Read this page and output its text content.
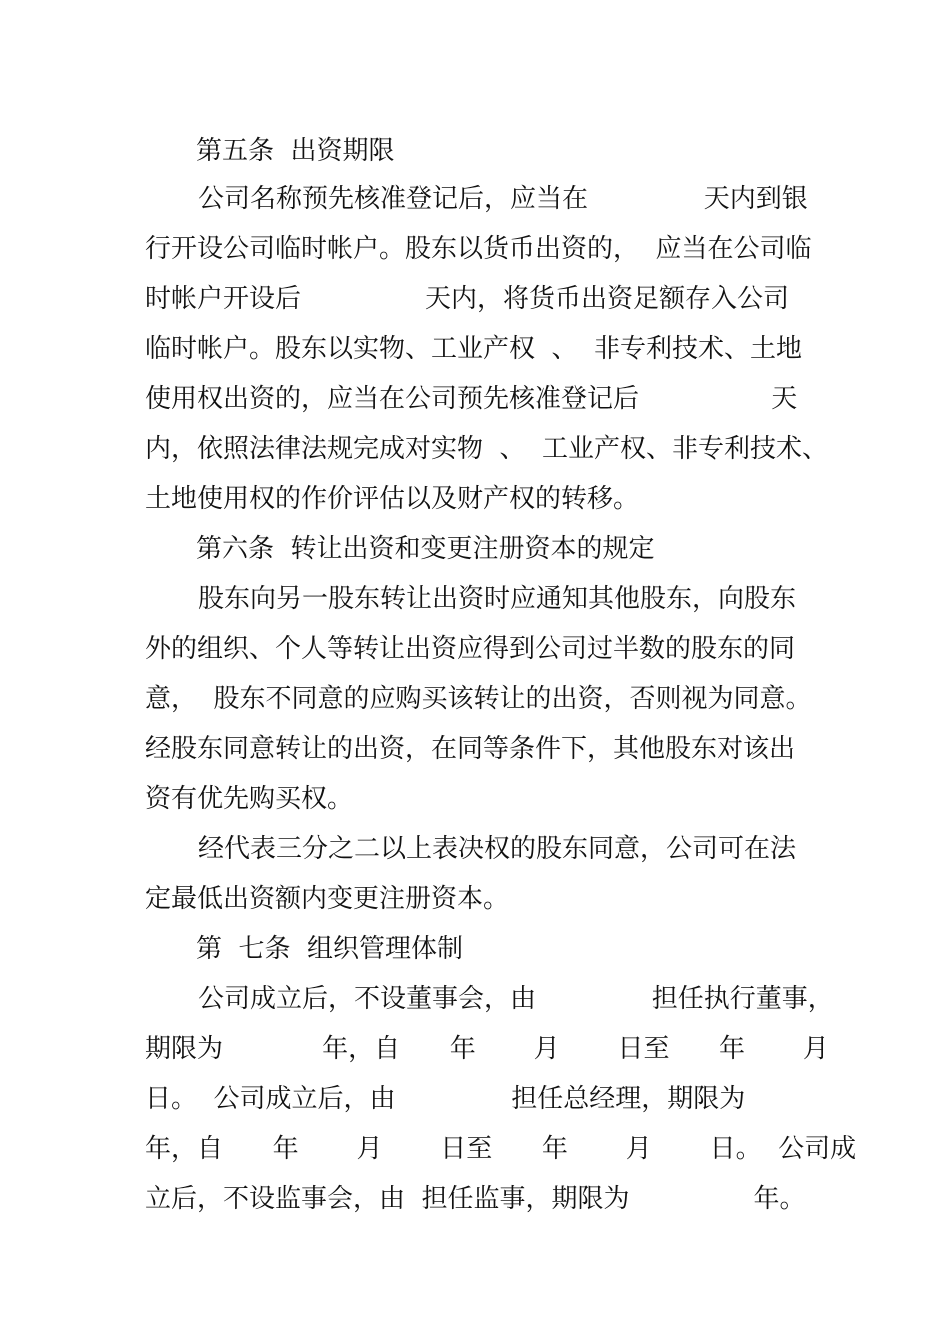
第五条  出资期限

公司名称预先核准登记后，应当在              天内到银

行开设公司临时帐户。股东以货币出资的，  应当在公司临

时帐户开设后               天内，将货币出资足额存入公司

临时帐户。股东以实物、工业产权  、  非专利技术、土地

使用权出资的，应当在公司预先核准登记后                天

内，依照法律法规完成对实物  、  工业产权、非专利技术、

土地使用权的作价评估以及财产权的转移。

第六条  转让出资和变更注册资本的规定

股东向另一股东转让出资时应通知其他股东，向股东

外的组织、个人等转让出资应得到公司过半数的股东的同

意，  股东不同意的应购买该转让的出资，否则视为同意。

经股东同意转让的出资，在同等条件下，其他股东对该出

资有优先购买权。

经代表三分之二以上表决权的股东同意，公司可在法

定最低出资额内变更注册资本。

第  七条  组织管理体制

公司成立后，不设董事会，由              担任执行董事，

期限为            年，自      年       月       日至      年       月

日。  公司成立后，由              担任总经理，期限为

年，自      年       月       日至      年       月       日。  公司成

立后，不设监事会，由  担任监事，期限为               年。
